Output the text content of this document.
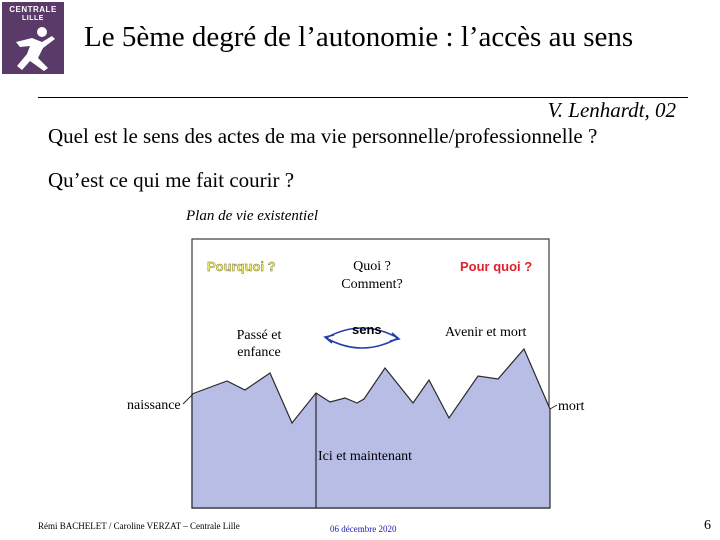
CENTRALE
LILLE
Le 5ème degré de l’autonomie : l’accès au sens
V. Lenhardt, 02
Quel est le sens des actes de ma vie personnelle/professionnelle ?
Qu’est ce qui me fait courir ?
Plan de vie existentiel
Pourquoi ?	Quoi ?
Comment?
Pour quoi ?
Passé et
enfance
sens	Avenir et mort
naissance	mort
Ici et maintenant
Rémi BACHELET / Caroline VERZAT – Centrale Lille	06 décembre 2020	6
